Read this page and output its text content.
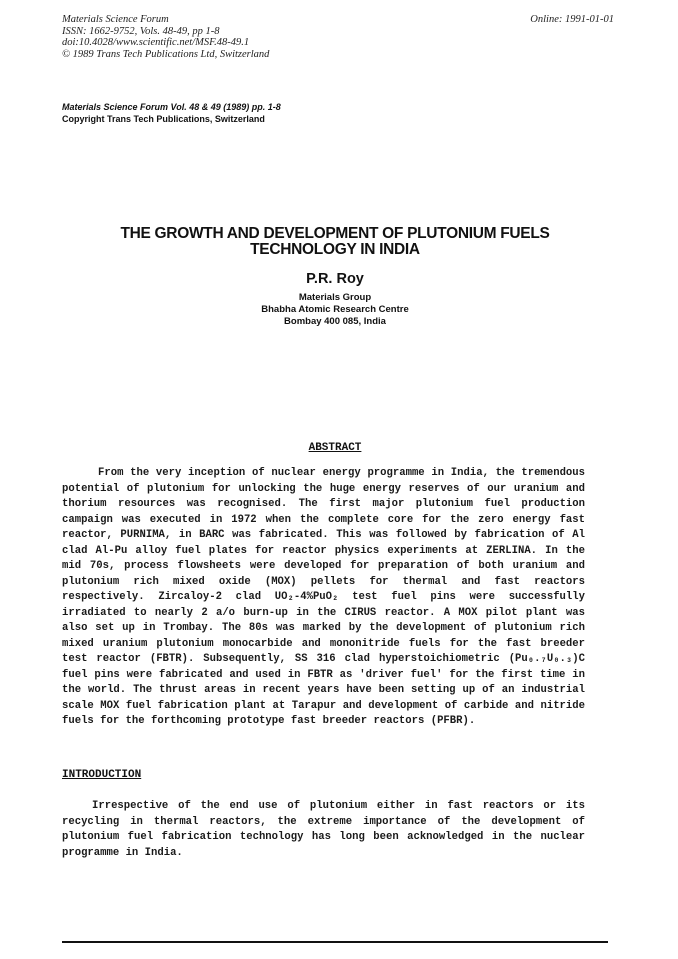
Materials Science Forum
ISSN: 1662-9752, Vols. 48-49, pp 1-8
doi:10.4028/www.scientific.net/MSF.48-49.1
© 1989 Trans Tech Publications Ltd, Switzerland
Online: 1991-01-01
Materials Science Forum Vol. 48 & 49 (1989) pp. 1-8
Copyright Trans Tech Publications, Switzerland
THE GROWTH AND DEVELOPMENT OF PLUTONIUM FUELS
TECHNOLOGY IN INDIA
P.R. Roy
Materials Group
Bhabha Atomic Research Centre
Bombay 400 085, India
ABSTRACT
From the very inception of nuclear energy programme in India, the tremendous potential of plutonium for unlocking the huge energy reserves of our uranium and thorium resources was recognised. The first major plutonium fuel production campaign was executed in 1972 when the complete core for the zero energy fast reactor, PURNIMA, in BARC was fabricated. This was followed by fabrication of Al clad Al-Pu alloy fuel plates for reactor physics experiments at ZERLINA. In the mid 70s, process flowsheets were developed for preparation of both uranium and plutonium rich mixed oxide (MOX) pellets for thermal and fast reactors respectively. Zircaloy-2 clad UO₂-4%PuO₂ test fuel pins were successfully irradiated to nearly 2 a/o burn-up in the CIRUS reactor. A MOX pilot plant was also set up in Trombay. The 80s was marked by the development of plutonium rich mixed uranium plutonium monocarbide and mononitride fuels for the fast breeder test reactor (FBTR). Subsequently, SS 316 clad hyperstoichiometric (Pu₀.₇U₀.₃)C fuel pins were fabricated and used in FBTR as 'driver fuel' for the first time in the world. The thrust areas in recent years have been setting up of an industrial scale MOX fuel fabrication plant at Tarapur and development of carbide and nitride fuels for the forthcoming prototype fast breeder reactors (PFBR).
INTRODUCTION
Irrespective of the end use of plutonium either in fast reactors or its recycling in thermal reactors, the extreme importance of the development of plutonium fuel fabrication technology has long been acknowledged in the nuclear programme in India.
